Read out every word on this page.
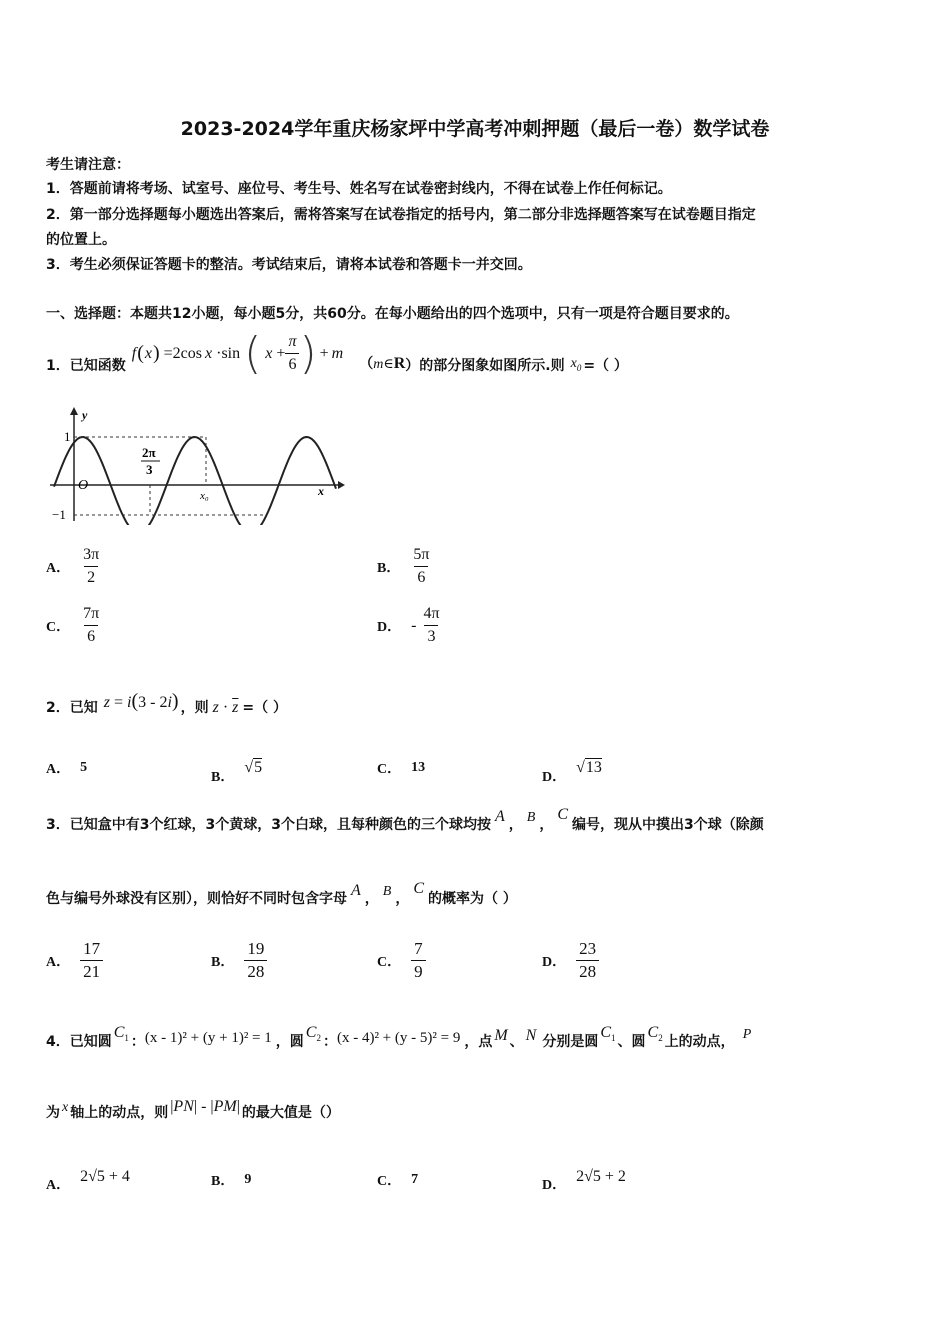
2023-2024学年重庆杨家坪中学高考冲刺押题（最后一卷）数学试卷
考生请注意：
1．答题前请将考场、试室号、座位号、考生号、姓名写在试卷密封线内，不得在试卷上作任何标记。
2．第一部分选择题每小题选出答案后，需将答案写在试卷指定的括号内，第二部分非选择题答案写在试卷题目指定
的位置上。
3．考生必须保证答题卡的整洁。考试结束后，请将本试卷和答题卡一并交回。
一、选择题：本题共12小题，每小题5分，共60分。在每小题给出的四个选项中，只有一项是符合题目要求的。
1．已知函数
f ( x ) =2cos x ·sin ( $x + \frac{\pi}{6}$ ) + m
（m∈R ）的部分图象如图所示.则 $x_0$ =（ ）
1
−1
O
y
x
2π
3
x₀
A． $\frac{3\pi}{2}$	B． $\frac{5\pi}{6}$
C． $\frac{7\pi}{6}$	D． - $\frac{4\pi}{3}$
2．已知 z = i(3 - 2i) ，则 $z \cdot \overline{z}$ =（ ）
A． 5
B．
√5	C． 13
D．
√13
3．已知盒中有3个红球，3个黄球，3个白球，且每种颜色的三个球均按 A ， B ，
C
编号，现从中摸出3个球（除颜
色与编号外球没有区别），则恰好不同时包含字母 A ， B ，
C
的概率为（ ）
A． $\frac{17}{21}$	B． $\frac{19}{28}$	C． $\frac{7}{9}$	D． $\frac{23}{28}$
4．已知圆
$C_1$ ： (x - 1)² + (y + 1)² = 1 ，圆
$C_2$ ： (x - 4)² + (y - 5)² = 9 ，点 M 、 N 分别是圆
$C_1$ 、圆
$C_2$ 上的动点， P
为 x 轴上的动点，则 |PN| - |PM| 的最大值是（）
A．
2√5 + 4	B． 9	C． 7	D．
2√5 + 2
